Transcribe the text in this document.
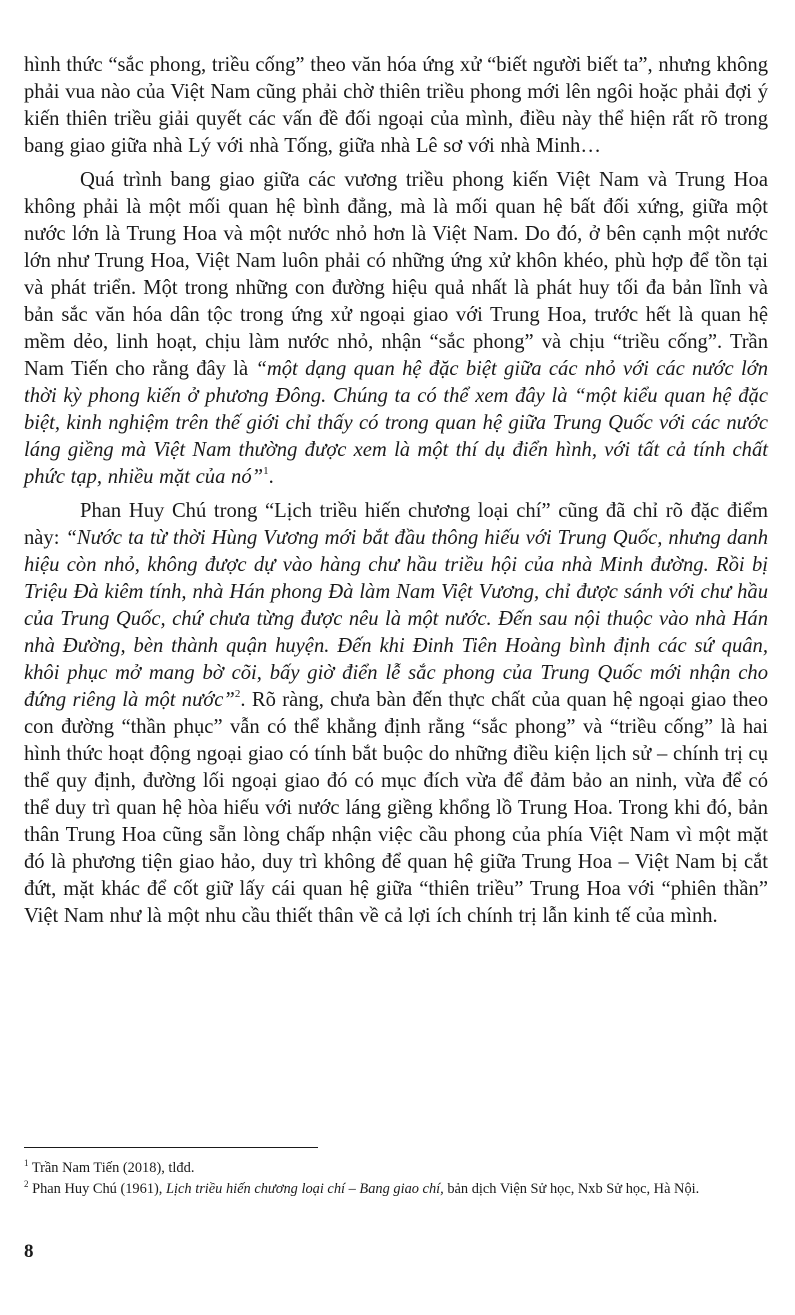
hình thức “sắc phong, triều cống” theo văn hóa ứng xử “biết người biết ta”, nhưng không phải vua nào của Việt Nam cũng phải chờ thiên triều phong mới lên ngôi hoặc phải đợi ý kiến thiên triều giải quyết các vấn đề đối ngoại của mình, điều này thể hiện rất rõ trong bang giao giữa nhà Lý với nhà Tống, giữa nhà Lê sơ với nhà Minh…

Quá trình bang giao giữa các vương triều phong kiến Việt Nam và Trung Hoa không phải là một mối quan hệ bình đẳng, mà là mối quan hệ bất đối xứng, giữa một nước lớn là Trung Hoa và một nước nhỏ hơn là Việt Nam. Do đó, ở bên cạnh một nước lớn như Trung Hoa, Việt Nam luôn phải có những ứng xử khôn khéo, phù hợp để tồn tại và phát triển. Một trong những con đường hiệu quả nhất là phát huy tối đa bản lĩnh và bản sắc văn hóa dân tộc trong ứng xử ngoại giao với Trung Hoa, trước hết là quan hệ mềm dẻo, linh hoạt, chịu làm nước nhỏ, nhận “sắc phong” và chịu “triều cống”. Trần Nam Tiến cho rằng đây là “một dạng quan hệ đặc biệt giữa các nhỏ với các nước lớn thời kỳ phong kiến ở phương Đông. Chúng ta có thể xem đây là “một kiểu quan hệ đặc biệt, kinh nghiệm trên thế giới chỉ thấy có trong quan hệ giữa Trung Quốc với các nước láng giềng mà Việt Nam thường được xem là một thí dụ điển hình, với tất cả tính chất phức tạp, nhiều mặt của nó”$^1$.

Phan Huy Chú trong “Lịch triều hiến chương loại chí” cũng đã chỉ rõ đặc điểm này: “Nước ta từ thời Hùng Vương mới bắt đầu thông hiếu với Trung Quốc, nhưng danh hiệu còn nhỏ, không được dự vào hàng chư hầu triều hội của nhà Minh đường. Rồi bị Triệu Đà kiêm tính, nhà Hán phong Đà làm Nam Việt Vương, chỉ được sánh với chư hầu của Trung Quốc, chứ chưa từng được nêu là một nước. Đến sau nội thuộc vào nhà Hán nhà Đường, bèn thành quận huyện. Đến khi Đinh Tiên Hoàng bình định các sứ quân, khôi phục mở mang bờ cõi, bấy giờ điển lễ sắc phong của Trung Quốc mới nhận cho đứng riêng là một nước”$^2$. Rõ ràng, chưa bàn đến thực chất của quan hệ ngoại giao theo con đường “thần phục” vẫn có thể khẳng định rằng “sắc phong” và “triều cống” là hai hình thức hoạt động ngoại giao có tính bắt buộc do những điều kiện lịch sử – chính trị cụ thể quy định, đường lối ngoại giao đó có mục đích vừa để đảm bảo an ninh, vừa để có thể duy trì quan hệ hòa hiếu với nước láng giềng khổng lồ Trung Hoa. Trong khi đó, bản thân Trung Hoa cũng sẵn lòng chấp nhận việc cầu phong của phía Việt Nam vì một mặt đó là phương tiện giao hảo, duy trì không để quan hệ giữa Trung Hoa – Việt Nam bị cắt đứt, mặt khác để cốt giữ lấy cái quan hệ giữa “thiên triều” Trung Hoa với “phiên thần” Việt Nam như là một nhu cầu thiết thân về cả lợi ích chính trị lẫn kinh tế của mình.

$^1$ Trần Nam Tiến (2018), tlđd.

$^2$ Phan Huy Chú (1961), Lịch triều hiến chương loại chí – Bang giao chí, bản dịch Viện Sử học, Nxb Sử học, Hà Nội.

8
